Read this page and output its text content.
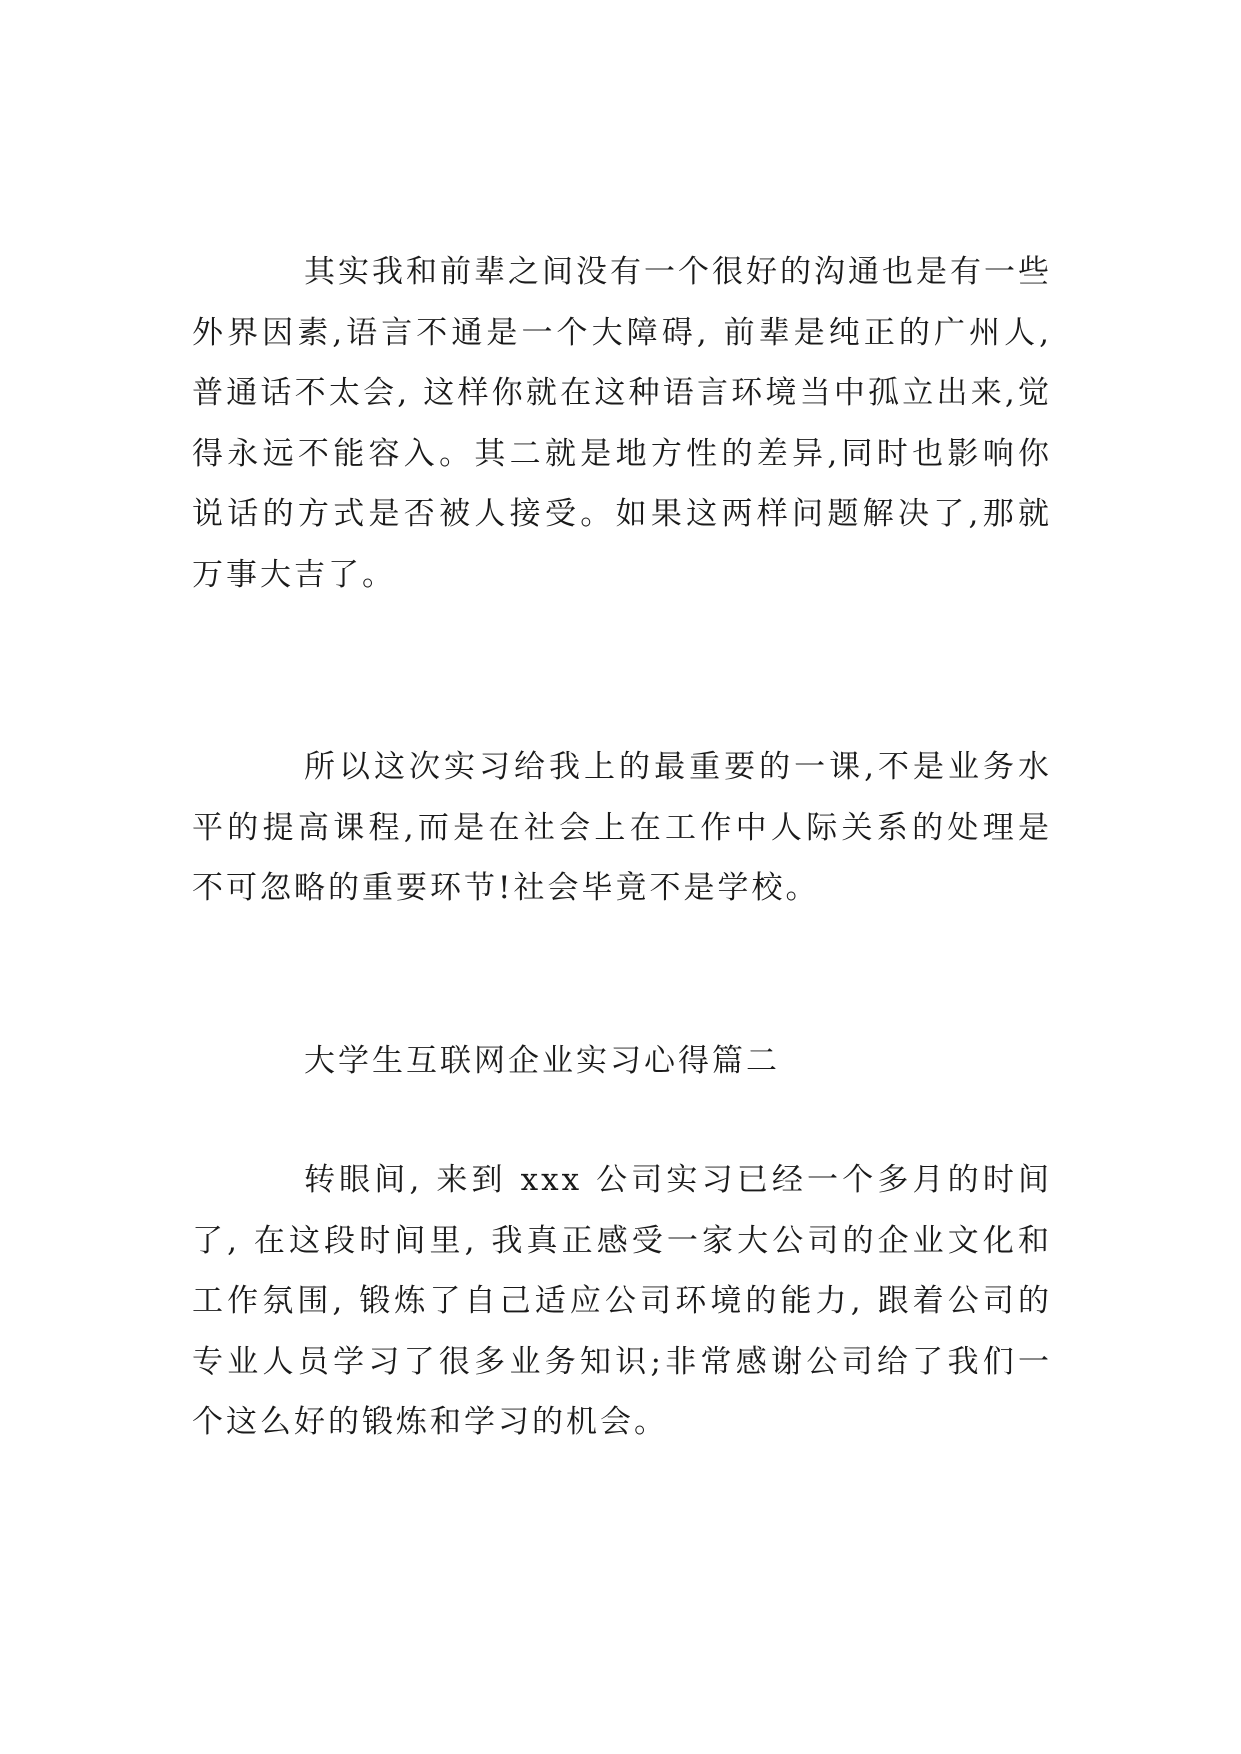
其实我和前辈之间没有一个很好的沟通也是有一些外界因素,语言不通是一个大障碍, 前辈是纯正的广州人, 普通话不太会, 这样你就在这种语言环境当中孤立出来,觉得永远不能容入。其二就是地方性的差异,同时也影响你说话的方式是否被人接受。如果这两样问题解决了,那就万事大吉了。

所以这次实习给我上的最重要的一课,不是业务水平的提高课程,而是在社会上在工作中人际关系的处理是不可忽略的重要环节!社会毕竟不是学校。

大学生互联网企业实习心得篇二

转眼间, 来到 xxx 公司实习已经一个多月的时间了, 在这段时间里, 我真正感受一家大公司的企业文化和工作氛围, 锻炼了自己适应公司环境的能力, 跟着公司的专业人员学习了很多业务知识;非常感谢公司给了我们一个这么好的锻炼和学习的机会。
